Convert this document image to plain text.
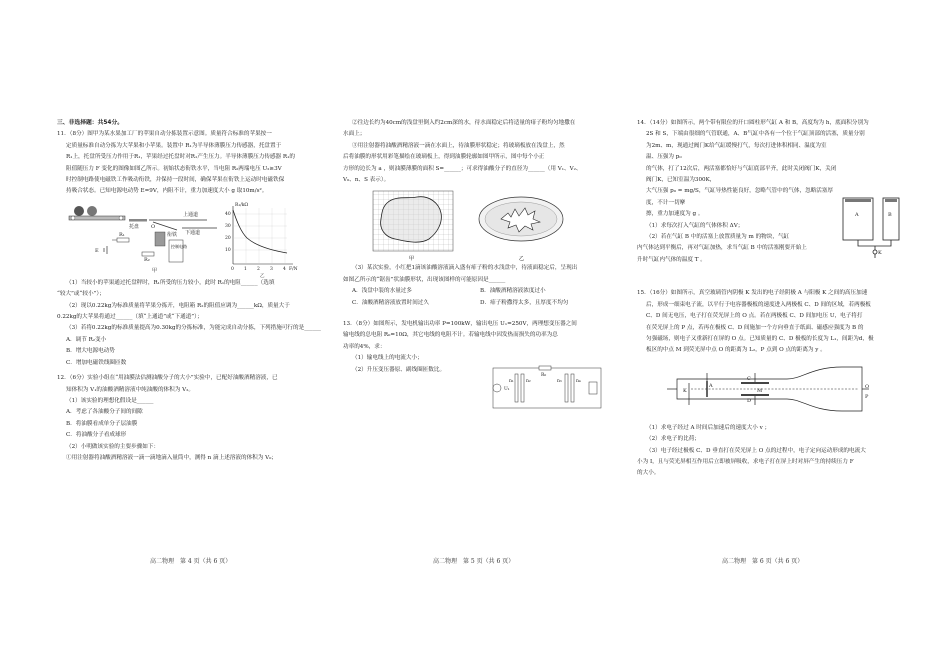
三、非选择题：共54分。

11．（8分）图甲为某水果加工厂的苹果自动分拣装置示意图。质量符合标准的苹果按一

定质量标准自动分拣为大苹果和小苹果。装置中 R₁为半导体薄膜压力传感器，托盘置于

R₁上，托盘所受压力作用于R₁，苹果经过托盘时对R₁产生压力。半导体薄膜压力传感器 R₁的

阻值随压力 F 变化的图像如图乙所示。初始状态衔铁水平，当电阻 R₂两端电压 U₂≥3V

时控制电路使电磁铁工作吸动衔铁，并保持一段时间，确保苹果在衔铁上运动时电磁铁保

持吸合状态。已知电源电动势 E=9V，内阻不计，重力加速度大小 g 取10m/s²。

托盘
上通道
下通道
O
衔铁
控制电路
R₁
R₂
E
甲
R₁/kΩ
F/N
40
30
20
10
0 1 2 3 4
乙

（1）当较小的苹果通过托盘秤时，R₁所受的压力较小，此时 R₁的电阻______（选填

“较大”或“较小”）；

（2）现以0.22kg为标准质量将苹果分拣开，电阻箱 R₂的阻值应调为______kΩ，质量大于

0.22kg的大苹果将通过______（填“上通道”或“下通道”）；

（3）若将0.22kg的标准质量提高为0.30kg的分拣标准，为能完成自动分拣，下列措施可行的是______

A．调节 R₂变小

B．增大电源电动势

C．增加电磁铁线圈匝数

12．（6分）实验小组在“用油膜法估测油酸分子的大小”实验中，已配好油酸酒精溶液，已

知体积为 V₁的油酸酒精溶液中纯油酸的体积为 V₂。

（1）该实验的理想化假设是______

A．考虑了各油酸分子间的间隙

B．将油膜看成单分子层油膜

C．将油酸分子看成球形

（2）小明做该实验的主要步骤如下：

①用注射器将油酸酒精溶液一滴一滴地滴入量筒中，测得 n 滴上述溶液的体积为 V₀；

②往边长约为40cm的浅盘里倒入约2cm深的水，待水面稳定后将适量的痱子粉均匀地撒在

水面上；

③用注射器将油酸酒精溶液一滴在水面上，待油膜形状稳定；将玻璃板放在浅盘上，然

后将油膜的形状用彩笔描绘在玻璃板上，得到油膜轮廓如图甲所示，图中每个小正

方形的边长为 a ，则油膜薄膜的面积 S=______；可求得油酸分子的直径为______（用 V₁、V₂、

V₀、n、S 表示）。

甲	乙

（3）某次实验，小红把1滴该油酸溶液滴入盛有痱子粉的水浅盘中，待液面稳定后，呈现出

如图乙所示的“锯齿”状油膜形状，出现该图样的可能原因是______

A．浅盘中装的水量过多	B．油酸酒精溶液浓度过小
C．油酸酒精溶液放置时间过久	D．痱子粉撒得太多，且厚度不均匀

13．（8分）如图所示，发电机输出功率 P=100kW，输出电压 U₁=250V，两理想变压器之间

输电线的总电阻 R₀=10Ω，其它电线的电阻不计。若输电线中因发热而损失的功率为总

功率的4%，求：

（1）输电线上的电流大小；

（2）升压变压器原、副线圈匝数比。

U₁
n₁	n₂
R₀
n₃	n₄

14．（14分）如图所示，两个带有限位的开口圆柱形气缸 A 和 B，高度均为 h，底面积分别为

2S 和 S，下端由很细的气管联通，A、B气缸中各有一个位于气缸顶部的活塞，质量分别

为2m、m，现通过阀门K给气缸缓慢打气，每次打进体积相同、温度为室温、压强为 p₀

的气体，打了12次后，两活塞都恰好与气缸底部平齐，此时关闭阀门K，关闭阀门K，已知室温为300K，

大气压强 p₀ = mg/S，气缸导热性能良好，忽略气管中的气体，忽略活塞厚度，不计一切摩

擦，重力加速度为 g 。

（1）求每次打入气缸的气体体积 ΔV；

（2）若在气缸 B 中的活塞上放置质量为 m 的物块，气缸

内气体达到平衡后，再对气缸加热，求当气缸 B 中的活塞刚要开始上

升时气缸内气体的温度 T 。

A	B
K

15．（16分）如图所示，真空玻璃管内阴极 K 发出的电子经阴极 A 与阳极 K 之间的高压加速

后，形成一细束电子流，以平行于电容器极板的速度进入两极板 C、D 间的区域，若两极板

C、D 间无电压，电子打在荧光屏上的 O 点。若在两极板 C、D 间加电压 U，电子将打

在荧光屏上的 P 点，若再在极板 C、D 间施加一个方向垂直于纸面、磁感应强度为 B 的

匀强磁场，则电子又重新打在屏的 O 点。已知质量的 C、D 极板的长度为 L₁，间距为d，极

板区的中点 M 到荧光屏中点 O 的距离为 L₂，P 点到 O 点的距离为 y 。

K
A
C
D
M
O
P

（1）求电子经过 A 时间后加速后的速度大小 v ；

（2）求电子的比荷；

（3）电子经过极板 C、D 垂直打在荧光屏上 O 点的过程中，电子定向运动形成的电流大

小为 I，且与荧光屏相互作用后立即被屏吸收，求电子打在屏上时对屏产生的持续压力 F

的大小。

高二物理　第 4 页（共 6 页）	高二物理　第 5 页（共 6 页）	高二物理　第 6 页（共 6 页）
